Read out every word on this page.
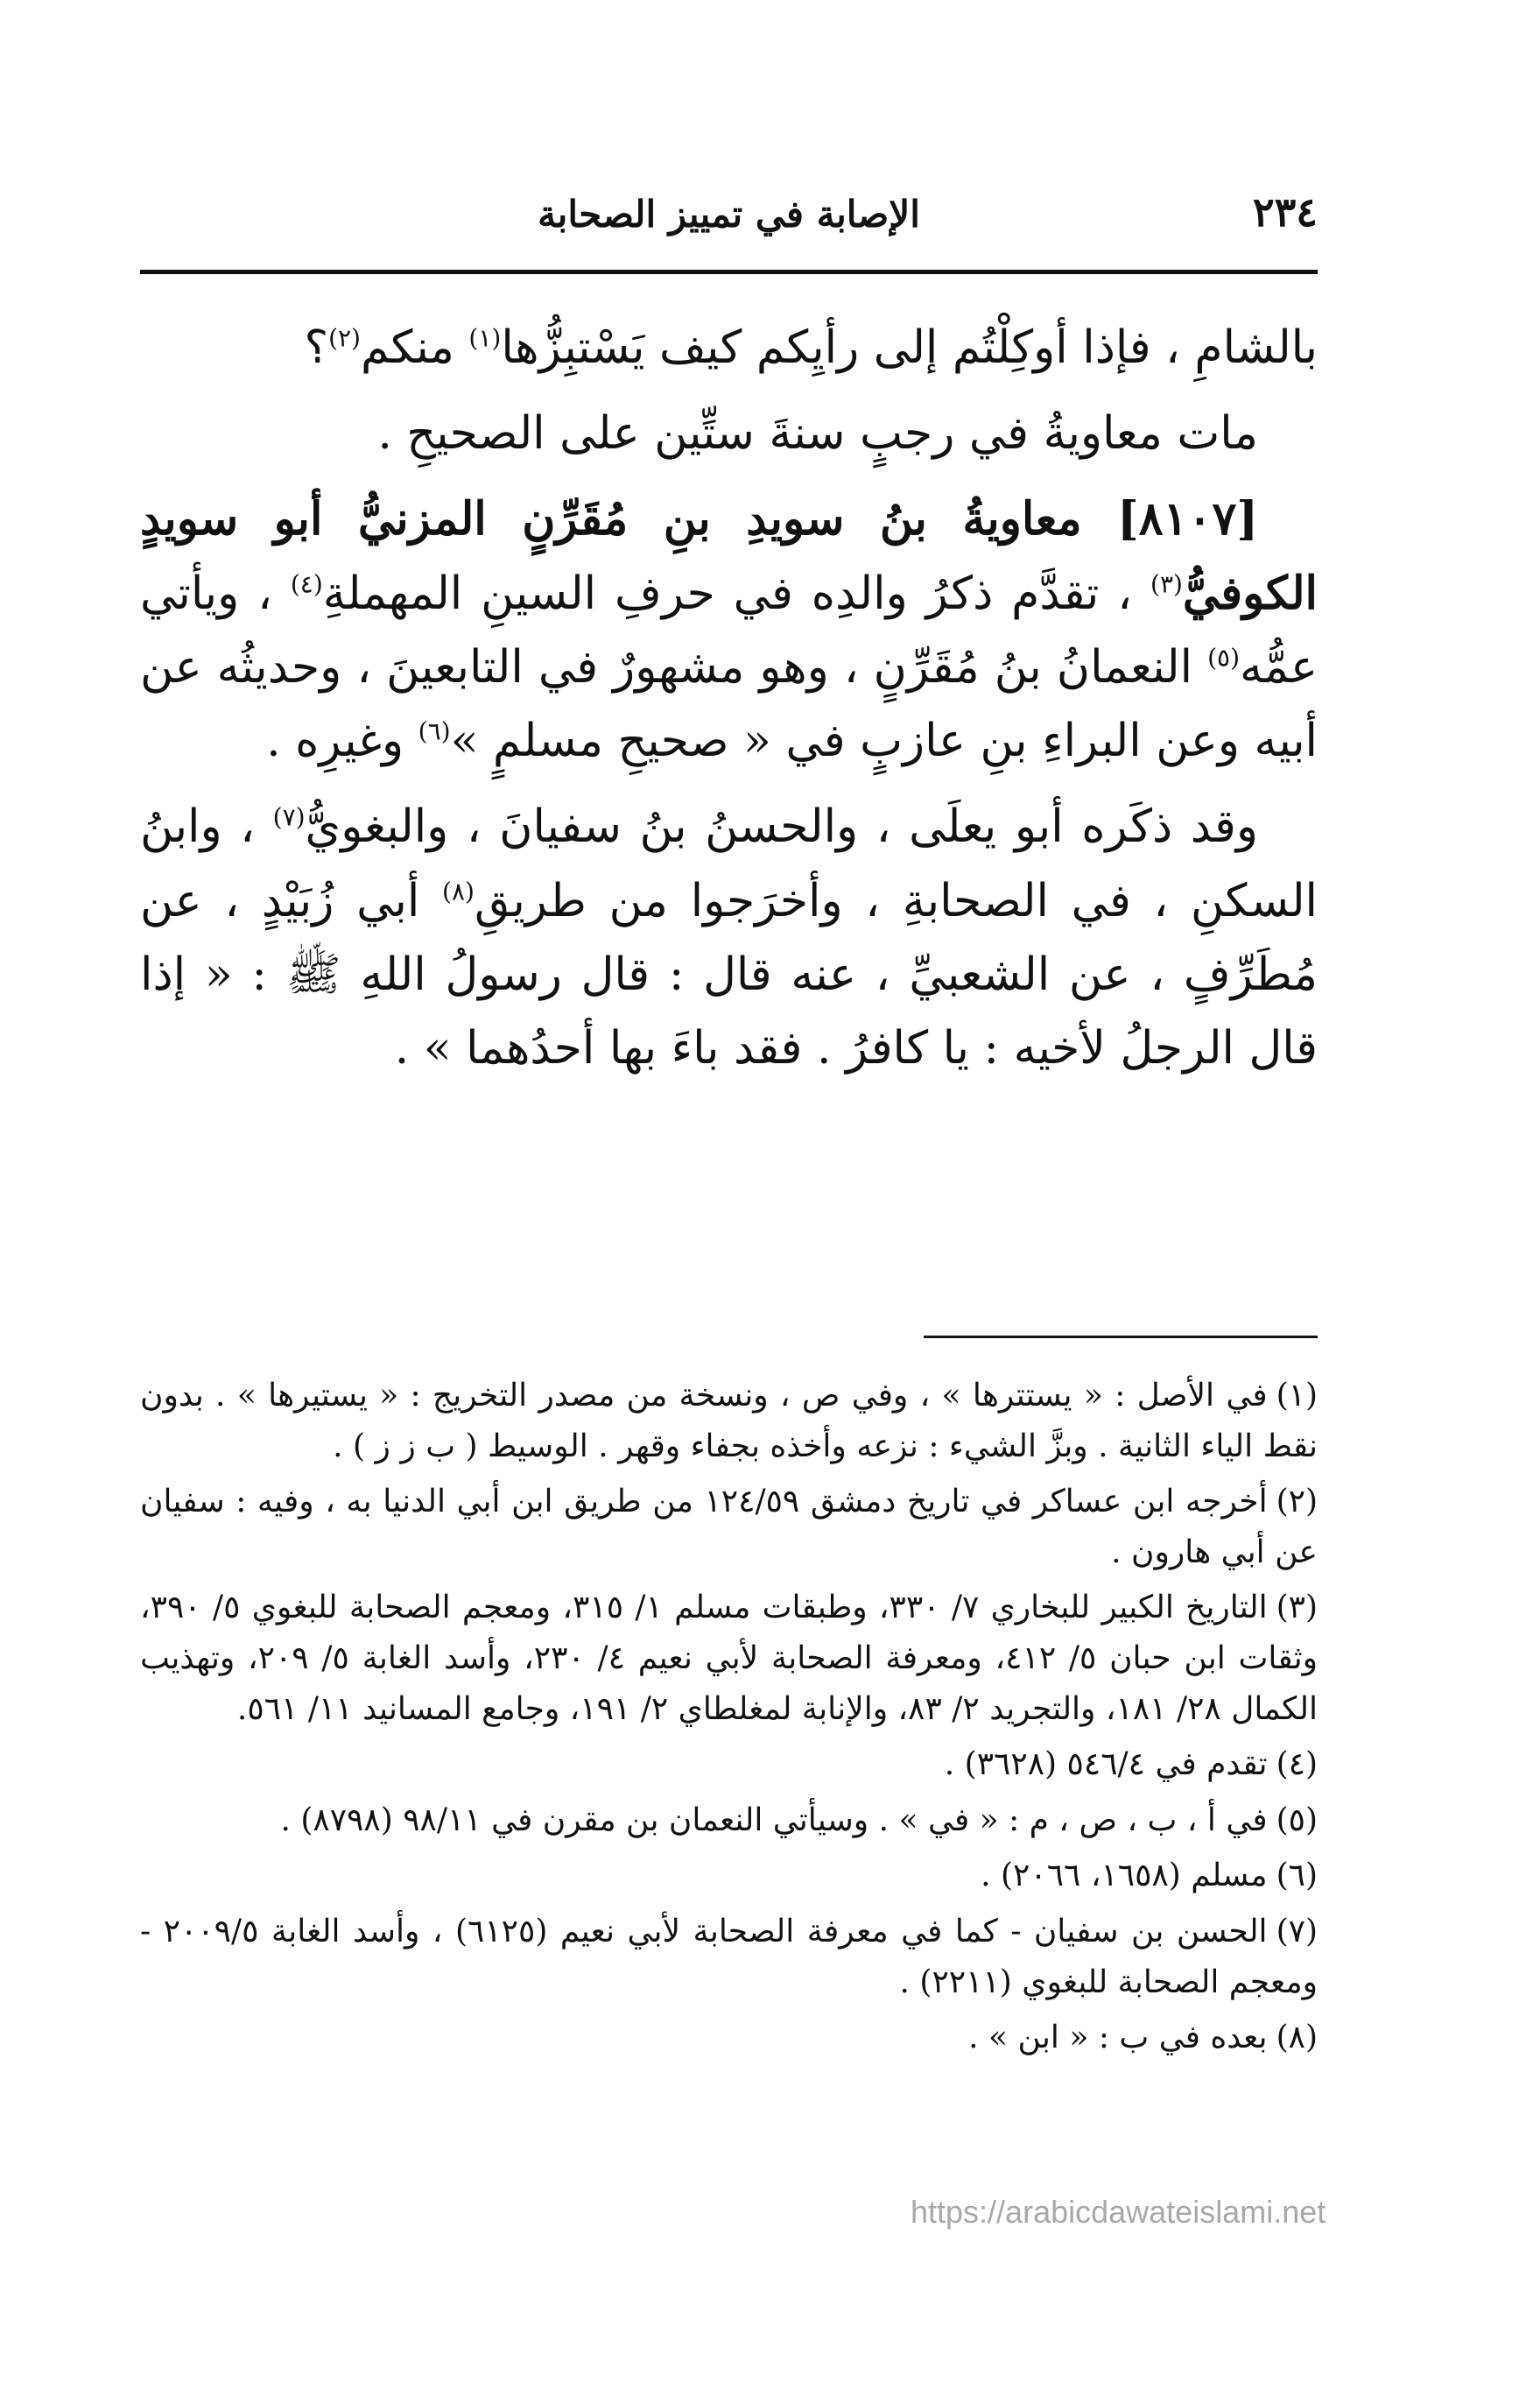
٢٣٤
الإصابة في تمييز الصحابة

بالشامِ ، فإذا أوكِلْتُم إلى رأيِكم كيف يَسْتبِزُّها$^{(١)}$ منكم$^{(٢)}$؟

مات معاويةُ في رجبٍ سنةَ ستِّين على الصحيحِ .

[٨١٠٧] معاويةُ بنُ سويدِ بنِ مُقَرِّنٍ المزنيُّ أبو سويدٍ الكوفيُّ$^{(٣)}$ ، تقدَّم ذكرُ والدِه في حرفِ السينِ المهملةِ$^{(٤)}$ ، ويأتي عمُّه$^{(٥)}$ النعمانُ بنُ مُقَرِّنٍ ، وهو مشهورٌ في التابعينَ ، وحديثُه عن أبيه وعن البراءِ بنِ عازبٍ في « صحيحِ مسلمٍ »$^{(٦)}$ وغيرِه .

وقد ذكَره أبو يعلَى ، والحسنُ بنُ سفيانَ ، والبغويُّ$^{(٧)}$ ، وابنُ السكنِ ، في الصحابةِ ، وأخرَجوا من طريقِ$^{(٨)}$ أبي زُبَيْدٍ ، عن مُطَرِّفٍ ، عن الشعبيِّ ، عنه قال : قال رسولُ اللهِ ﷺ : « إذا قال الرجلُ لأخيه : يا كافرُ . فقد باءَ بها أحدُهما » .

(١)في الأصل : « يستترها » ، وفي ص ، ونسخة من مصدر التخريج : « يستيرها » . بدون نقط الياء الثانية . وبزَّ الشيء : نزعه وأخذه بجفاء وقهر . الوسيط ( ب ز ز ) .

(٢)أخرجه ابن عساكر في تاريخ دمشق ١٢٤/٥٩ من طريق ابن أبي الدنيا به ، وفيه : سفيان عن أبي هارون .

(٣)التاريخ الكبير للبخاري ٧/ ٣٣٠، وطبقات مسلم ١/ ٣١٥، ومعجم الصحابة للبغوي ٥/ ٣٩٠، وثقات ابن حبان ٥/ ٤١٢، ومعرفة الصحابة لأبي نعيم ٤/ ٢٣٠، وأسد الغابة ٥/ ٢٠٩، وتهذيب الكمال ٢٨/ ١٨١، والتجريد ٢/ ٨٣، والإنابة لمغلطاي ٢/ ١٩١، وجامع المسانيد ١١/ ٥٦١.

(٤)تقدم في ٥٤٦/٤ (٣٦٢٨) .

(٥)في أ ، ب ، ص ، م : « في » . وسيأتي النعمان بن مقرن في ٩٨/١١ (٨٧٩٨) .

(٦)مسلم (١٦٥٨، ٢٠٦٦) .

(٧)الحسن بن سفيان - كما في معرفة الصحابة لأبي نعيم (٦١٢٥) ، وأسد الغابة ٢٠٠٩/٥ - ومعجم الصحابة للبغوي (٢٢١١) .

(٨)بعده في ب : « ابن » .

https://arabicdawateislami.net
